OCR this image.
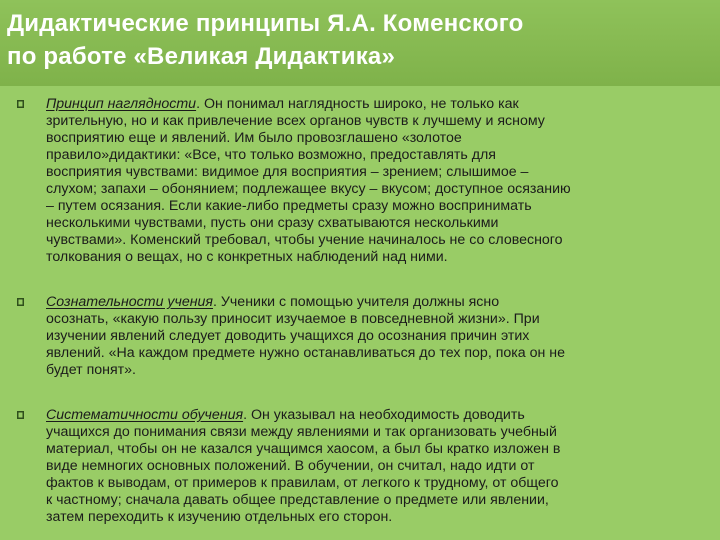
Дидактические принципы Я.А. Коменского
по работе «Великая Дидактика»
Принцип наглядности. Он понимал наглядность широко, не только как
зрительную, но и как привлечение всех органов чувств к лучшему и ясному
восприятию еще и явлений. Им было провозглашено «золотое
правило»дидактики: «Все, что только возможно, предоставлять для
восприятия чувствами: видимое для восприятия – зрением; слышимое –
слухом; запахи – обонянием; подлежащее вкусу – вкусом; доступное осязанию
– путем осязания. Если какие-либо предметы сразу можно воспринимать
несколькими чувствами, пусть они сразу схватываются несколькими
чувствами». Коменский требовал, чтобы учение начиналось не со словесного
толкования о вещах, но с конкретных наблюдений над ними.
Сознательности учения. Ученики с помощью учителя должны ясно
осознать, «какую пользу приносит изучаемое в повседневной жизни». При
изучении явлений следует доводить учащихся до осознания причин этих
явлений. «На каждом предмете нужно останавливаться до тех пор, пока он не
будет понят».
Систематичности обучения. Он указывал на необходимость доводить
учащихся до понимания связи между явлениями и так организовать учебный
материал, чтобы он не казался учащимся хаосом, а был бы кратко изложен в
виде немногих основных положений. В обучении, он считал, надо идти от
фактов к выводам, от примеров к правилам, от легкого к трудному, от общего
к частному; сначала давать общее представление о предмете или явлении,
затем переходить к изучению отдельных его сторон.
